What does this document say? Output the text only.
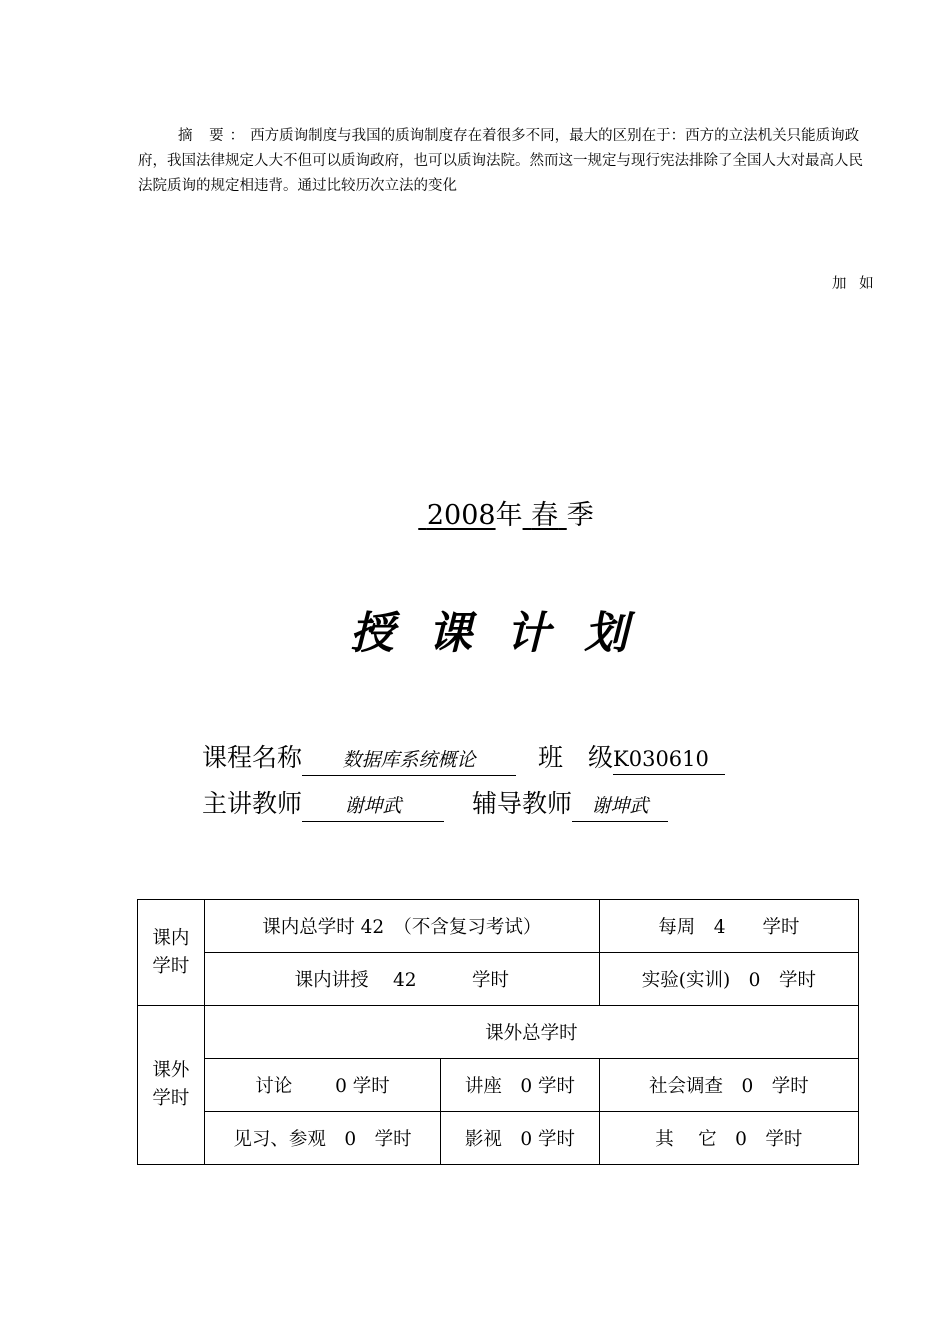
摘 要：西方质询制度与我国的质询制度存在着很多不同，最大的区别在于：西方的立法机关只能质询政府，我国法律规定人大不但可以质询政府，也可以质询法院。然而这一规定与现行宪法排除了全国人大对最高人民法院质询的规定相违背。通过比较历次立法的变化

加 如
2008年 春 季
授课计划
课程名称 数据库系统概论	班　级K030610
主讲教师 谢坤武	辅导教师 谢坤武
课内
学时	课内总学时 42　（不含复习考试）		每周　4　　学时
	课内讲授　 42　　　学时		实验(实训)　0　学时
课外
学时	课外总学时		
	讨论　　 0 学时	讲座　0 学时	社会调查　0　学时
	见习、参观　0　学时	影视　0 学时	其　 它　0　学时
